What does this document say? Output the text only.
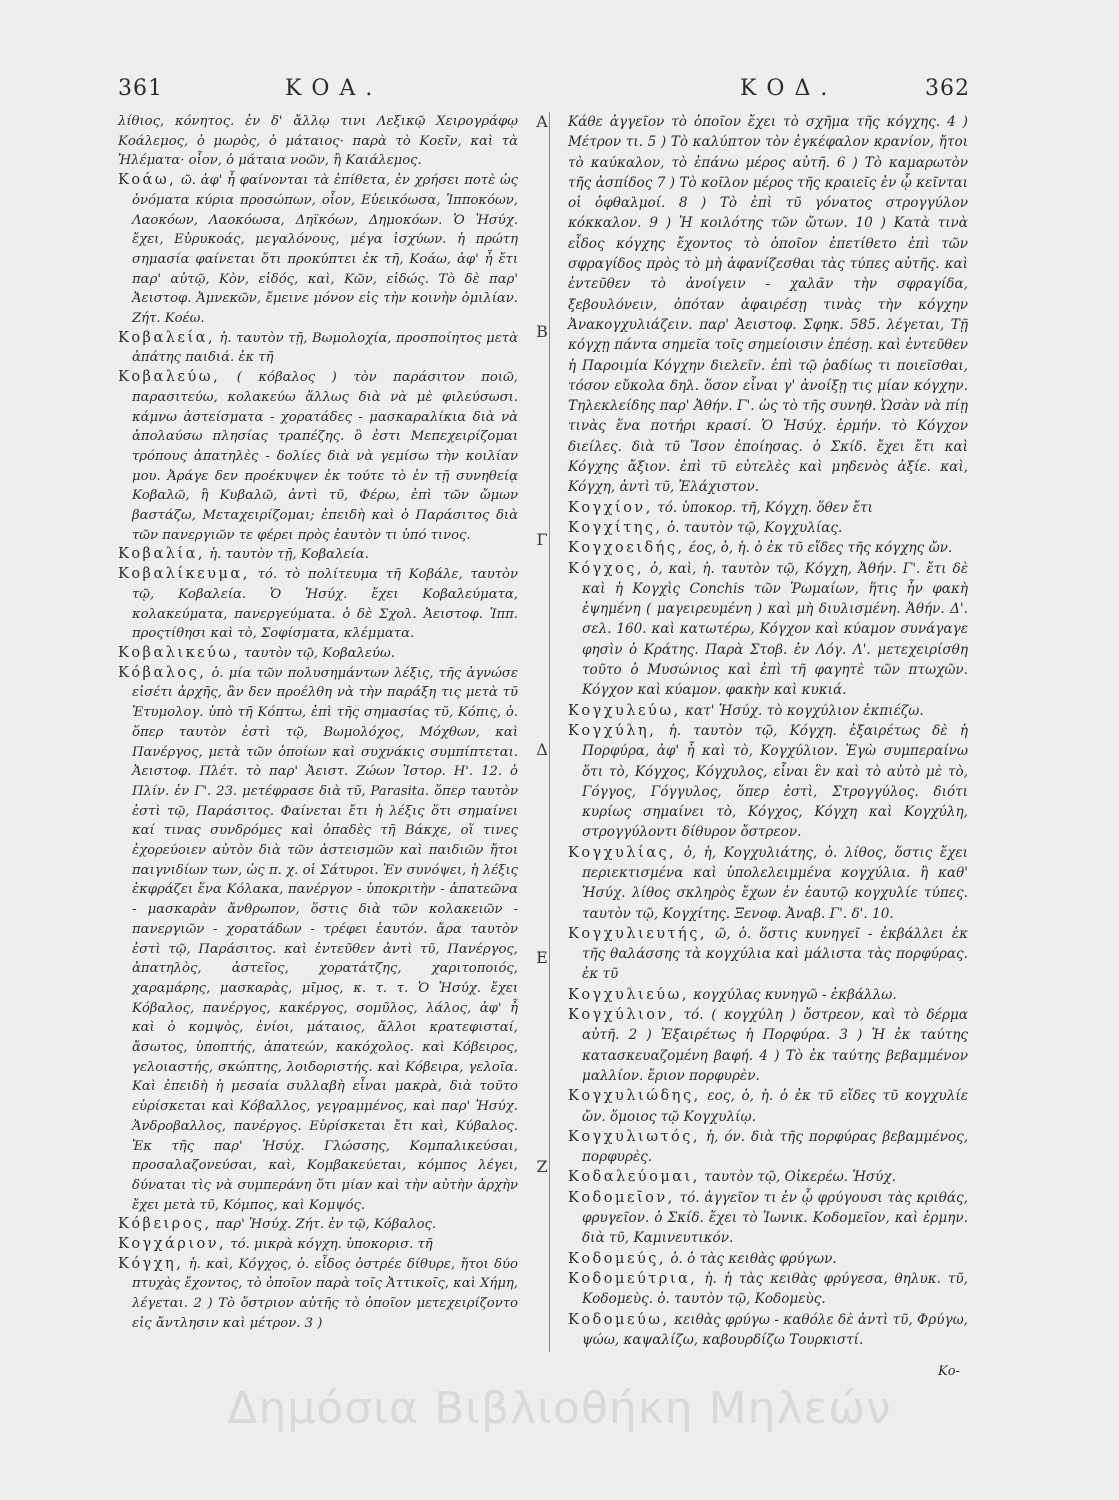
361	ΚΟΑ.	ΚΟΔ.	362

λίθιος, κόνητος. ἐν δ' ἄλλῳ τινι Λεξικῷ Χειρογράφῳ Κοάλεμος, ὁ μωρὸς, ὁ μάταιος· παρὰ τὸ Κοεῖν, καὶ τὰ Ἠλέματα· οἷον, ὁ μάταια νοῶν, ἢ Καιάλεμος.

Κοάω, ῶ. ἀφ' ἦ φαίνονται τὰ ἐπίθετα, ἐν χρήσει ποτὲ ὡς ὀνόματα κύρια προσώπων, οἷον, Εὐεικόωσα, Ἱπποκόων, Λαοκόων, Λαοκόωσα, Δηϊκόων, Δημοκόων. Ὁ Ἡσύχ. ἔχει, Εὐρυκοάς, μεγαλόνους, μέγα ἰσχύων. ἡ πρώτη σημασία φαίνεται ὅτι προκύπτει ἐκ τῆ, Κοάω, ἀφ' ἦ ἔτι παρ' αὐτῷ, Κὸν, εἰδός, καὶ, Κῶν, εἰδώς. Τὸ δὲ παρ' Ἀειστοφ. Ἀμνεκῶν, ἔμεινε μόνον εἰς τὴν κοινὴν ὁμιλίαν. Ζήτ. Κοέω.

Κοβαλεία, ἡ. ταυτὸν τῇ, Βωμολοχία, προσποίητος μετὰ ἀπάτης παιδιά. ἐκ τῆ

Κοβαλεύω, ( κόβαλος ) τὸν παράσιτον ποιῶ, παρασιτεύω, κολακεύω ἄλλως διὰ νὰ μὲ φιλεύσωσι. κάμνω ἀστείσματα - χορατάδες - μασκαραλίκια διὰ νὰ ἀπολαύσω πλησίας τραπέζης. ὃ ἐστι Μεπεχειρίζομαι τρόπους ἀπατηλὲς - δολίες διὰ νὰ γεμίσω τὴν κοιλίαν μου. Ἀράγε δεν προέκυψεν ἐκ τούτε τὸ ἐν τῇ συνηθείᾳ Κοβαλῶ, ἢ Κυβαλῶ, ἀντὶ τῦ, Φέρω, ἐπὶ τῶν ὤμων βαστάζω, Μεταχειρίζομαι; ἐπειδὴ καὶ ὁ Παράσιτος διὰ τῶν πανεργιῶν τε φέρει πρὸς ἑαυτὸν τι ὑπό τινος.

Κοβαλία, ἡ. ταυτὸν τῇ, Κοβαλεία.

Κοβαλίκευμα, τό. τὸ πολίτευμα τῆ Κοβάλε, ταυτὸν τῷ, Κοβαλεία. Ὁ Ἡσύχ. ἔχει Κοβαλεύματα, κολακεύματα, πανεργεύματα. ὁ δὲ Σχολ. Ἀειστοφ. Ἱππ. προςτίθησι καὶ τὸ, Σοφίσματα, κλέμματα.

Κοβαλικεύω, ταυτὸν τῷ, Κοβαλεύω.

Κόβαλος, ὁ. μία τῶν πολυσημάντων λέξις, τῆς ἀγνώσε εἰσέτι ἀρχῆς, ἂν δεν προέλθη νὰ τὴν παράξη τις μετὰ τῦ Ἐτυμολογ. ὑπὸ τῆ Κόπτω, ἐπὶ τῆς σημασίας τῦ, Κόπις, ὁ. ὅπερ ταυτὸν ἐστὶ τῷ, Βωμολόχος, Μόχθων, καὶ Πανέργος, μετὰ τῶν ὁποίων καὶ συχνάκις συμπίπτεται. Ἀειστοφ. Πλέτ. τὸ παρ' Ἀειστ. Ζώων Ἱστορ. Η'. 12. ὁ Πλίν. ἐν Γ'. 23. μετέφρασε διὰ τῦ, Parasita. ὅπερ ταυτὸν ἐστὶ τῷ, Παράσιτος. Φαίνεται ἔτι ἡ λέξις ὅτι σημαίνει καί τινας συνδρόμες καὶ ὀπαδὲς τῆ Βάκχε, οἵ τινες ἐχορεύοιεν αὐτὸν διὰ τῶν ἀστεισμῶν καὶ παιδιῶν ἤτοι παιγνιδίων των, ὡς π. χ. οἱ Σάτυροι. Ἐν συνόψει, ἡ λέξις ἐκφράζει ἕνα Κόλακα, πανέργον - ὑποκριτὴν - ἀπατεῶνα - μασκαρὰν ἄνθρωπον, ὅστις διὰ τῶν κολακειῶν - πανεργιῶν - χορατάδων - τρέφει ἑαυτόν. ἄρα ταυτὸν ἐστὶ τῷ, Παράσιτος. καὶ ἐντεῦθεν ἀντὶ τῦ, Πανέργος, ἀπατηλὸς, ἀστεῖος, χορατάτζης, χαριτοποιός, χαραμάρης, μασκαρὰς, μῖμος, κ. τ. τ. Ὁ Ἡσύχ. ἔχει Κόβαλος, πανέργος, κακέργος, σομῦλος, λάλος, ἀφ' ἦ καὶ ὁ κομψὸς, ἐνίοι, μάταιος, ἄλλοι κρατεφισταί, ἄσωτος, ὑποπτής, ἀπατεών, κακόχολος. καὶ Κόβειρος, γελοιαστής, σκώπτης, λοιδοριστής. καὶ Κόβειρα, γελοῖα. Καὶ ἐπειδὴ ἡ μεσαία συλλαβὴ εἶναι μακρὰ, διὰ τοῦτο εὑρίσκεται καὶ Κόβαλλος, γεγραμμένος, καὶ παρ' Ἡσύχ. Ἀνδροβαλλος, πανέργος. Εὑρίσκεται ἔτι καὶ, Κύβαλος. Ἐκ τῆς παρ' Ἡσύχ. Γλώσσης, Κομπαλικεύσαι, προσαλαζονεύσαι, καὶ, Κομβακεύεται, κόμπος λέγει, δύναται τὶς νὰ συμπεράνη ὅτι μίαν καὶ τὴν αὐτὴν ἀρχὴν ἔχει μετὰ τῦ, Κόμπος, καὶ Κομψός.

Κόβειρος, παρ' Ἡσύχ. Ζήτ. ἐν τῷ, Κόβαλος.

Κογχάριον, τό. μικρὰ κόγχη. ὑποκορισ. τῆ

Κόγχη, ἡ. καὶ, Κόγχος, ὁ. εἶδος ὀστρέε δίθυρε, ἤτοι δύο πτυχὰς ἔχοντος, τὸ ὁποῖον παρὰ τοῖς Ἀττικοῖς, καὶ Χήμη, λέγεται. 2 ) Τὸ ὄστριον αὐτῆς τὸ ὁποῖον μετεχειρίζοντο εἰς ἄντλησιν καὶ μέτρον. 3 )

Α
Β
Γ
Δ
Ε
Ζ

Κάθε ἀγγεῖον τὸ ὁποῖον ἔχει τὸ σχῆμα τῆς κόγχης. 4 ) Μέτρον τι. 5 ) Τὸ καλύπτον τὸν ἐγκέφαλον κρανίον, ἤτοι τὸ καύκαλον, τὸ ἐπάνω μέρος αὐτῆ. 6 ) Τὸ καμαρωτὸν τῆς ἀσπίδος 7 ) Τὸ κοῖλον μέρος τῆς κραιεῖς ἐν ᾧ κεῖνται οἱ ὀφθαλμοί. 8 ) Τὸ ἐπὶ τῦ γόνατος στρογγύλον κόκκαλον. 9 ) Ἡ κοιλότης τῶν ὤτων. 10 ) Κατὰ τινὰ εἶδος κόγχης ἔχοντος τὸ ὁποῖον ἐπετίθετο ἐπὶ τῶν σφραγίδος πρὸς τὸ μὴ ἀφανίζεσθαι τὰς τύπες αὐτῆς. καὶ ἐντεῦθεν τὸ ἀνοίγειν - χαλᾶν τὴν σφραγίδα, ξεβουλόνειν, ὁπόταν ἀφαιρέσῃ τινὰς τὴν κόγχην Ἀνακογχυλιάζειν. παρ' Ἀειστοφ. Σφηκ. 585. λέγεται, Τῇ κόγχῃ πάντα σημεῖα τοῖς σημείοισιν ἐπέσῃ. καὶ ἐντεῦθεν ἡ Παροιμία Κόγχην διελεῖν. ἐπὶ τῷ ῥαδίως τι ποιεῖσθαι, τόσον εὔκολα δηλ. ὅσον εἶναι γ' ἀνοίξῃ τις μίαν κόγχην. Τηλεκλείδης παρ' Ἀθήν. Γ'. ὡς τὸ τῆς συνηθ. Ὡσὰν νὰ πίῃ τινὰς ἕνα ποτήρι κρασί. Ὁ Ἡσύχ. ἑρμήν. τὸ Κόγχον διείλες. διὰ τῦ Ἴσον ἐποίησας. ὁ Σκίδ. ἔχει ἔτι καὶ Κόγχης ἄξιον. ἐπὶ τῦ εὐτελὲς καὶ μηδενὸς ἀξίε. καὶ, Κόγχη, ἀντὶ τῦ, Ἐλάχιστον.

Κογχίον, τό. ὑποκορ. τῆ, Κόγχη. ὅθεν ἔτι

Κογχίτης, ὁ. ταυτὸν τῷ, Κογχυλίας.

Κογχοειδής, έος, ὁ, ἡ. ὁ ἐκ τῦ εἴδες τῆς κόγχης ὤν.

Κόγχος, ὁ, καὶ, ἡ. ταυτὸν τῷ, Κόγχη, Ἀθήν. Γ'. ἔτι δὲ καὶ ἡ Κογχὶς Conchis τῶν Ῥωμαίων, ἥτις ἦν φακὴ ἐψημένη ( μαγειρευμένη ) καὶ μὴ διυλισμένη. Ἀθήν. Δ'. σελ. 160. καὶ κατωτέρω, Κόγχον καὶ κύαμον συνάγαγε φησὶν ὁ Κράτης. Παρὰ Στοβ. ἐν Λόγ. Λ'. μετεχειρίσθη τοῦτο ὁ Μυσώνιος καὶ ἐπὶ τῆ φαγητὲ τῶν πτωχῶν. Κόγχον καὶ κύαμον. φακὴν καὶ κυκιά.

Κογχυλεύω, κατ' Ἡσύχ. τὸ κογχύλιον ἐκπιέζω.

Κογχύλη, ἡ. ταυτὸν τῷ, Κόγχη. ἐξαιρέτως δὲ ἡ Πορφύρα, ἀφ' ἧ καὶ τὸ, Κογχύλιον. Ἐγὼ συμπεραίνω ὅτι τὸ, Κόγχος, Κόγχυλος, εἶναι ἓν καὶ τὸ αὐτὸ μὲ τὸ, Γόγγος, Γόγγυλος, ὅπερ ἐστὶ, Στρογγύλος. διότι κυρίως σημαίνει τὸ, Κόγχος, Κόγχη καὶ Κογχύλη, στρογγύλοντι δίθυρον ὄστρεον.

Κογχυλίας, ὁ, ἡ, Κογχυλιάτης, ὁ. λίθος, ὅστις ἔχει περιεκτισμένα καὶ ὑπολελειμμένα κογχύλια. ἢ καθ' Ἡσύχ. λίθος σκληρὸς ἔχων ἐν ἑαυτῷ κογχυλίε τύπες. ταυτὸν τῷ, Κογχίτης. Ξενοφ. Ἀναβ. Γ'. δ'. 10.

Κογχυλιευτής, ῶ, ὁ. ὅστις κυνηγεῖ - ἐκβάλλει ἐκ τῆς θαλάσσης τὰ κογχύλια καὶ μάλιστα τὰς πορφύρας. ἐκ τῦ

Κογχυλιεύω, κογχύλας κυνηγῶ - ἐκβάλλω.

Κογχύλιον, τό. ( κογχύλη ) ὄστρεον, καὶ τὸ δέρμα αὐτῆ. 2 ) Ἐξαιρέτως ἡ Πορφύρα. 3 ) Ἡ ἐκ ταύτης κατασκευαζομένη βαφή. 4 ) Τὸ ἐκ ταύτης βεβαμμένον μαλλίον. ἔριον πορφυρὲν.

Κογχυλιώδης, εος, ὁ, ἡ. ὁ ἐκ τῦ εἴδες τῦ κογχυλίε ὤν. ὅμοιος τῷ Κογχυλίῳ.

Κογχυλιωτός, ἡ, όν. διὰ τῆς πορφύρας βεβαμμένος, πορφυρὲς.

Κοδαλεύομαι, ταυτὸν τῷ, Οἰκερέω. Ἡσύχ.

Κοδομεῖον, τό. ἀγγεῖον τι ἐν ᾧ φρύγουσι τὰς κριθάς, φρυγεῖον. ὁ Σκίδ. ἔχει τὸ Ἰωνικ. Κοδομεῖον, καὶ ἑρμην. διὰ τῦ, Καμινευτικόν.

Κοδομεύς, ὁ. ὁ τὰς κειθὰς φρύγων.

Κοδομεύτρια, ἡ. ἡ τὰς κειθὰς φρύγεσα, θηλυκ. τῦ, Κοδομεὺς. ὁ. ταυτὸν τῷ, Κοδομεὺς.

Κοδομεύω, κειθὰς φρύγω - καθόλε δὲ ἀντὶ τῦ, Φρύγω, ψώω, καψαλίζω, καβουρδίζω Τουρκιστί.

Κο-
Δημόσια Βιβλιοθήκη Μηλεών
